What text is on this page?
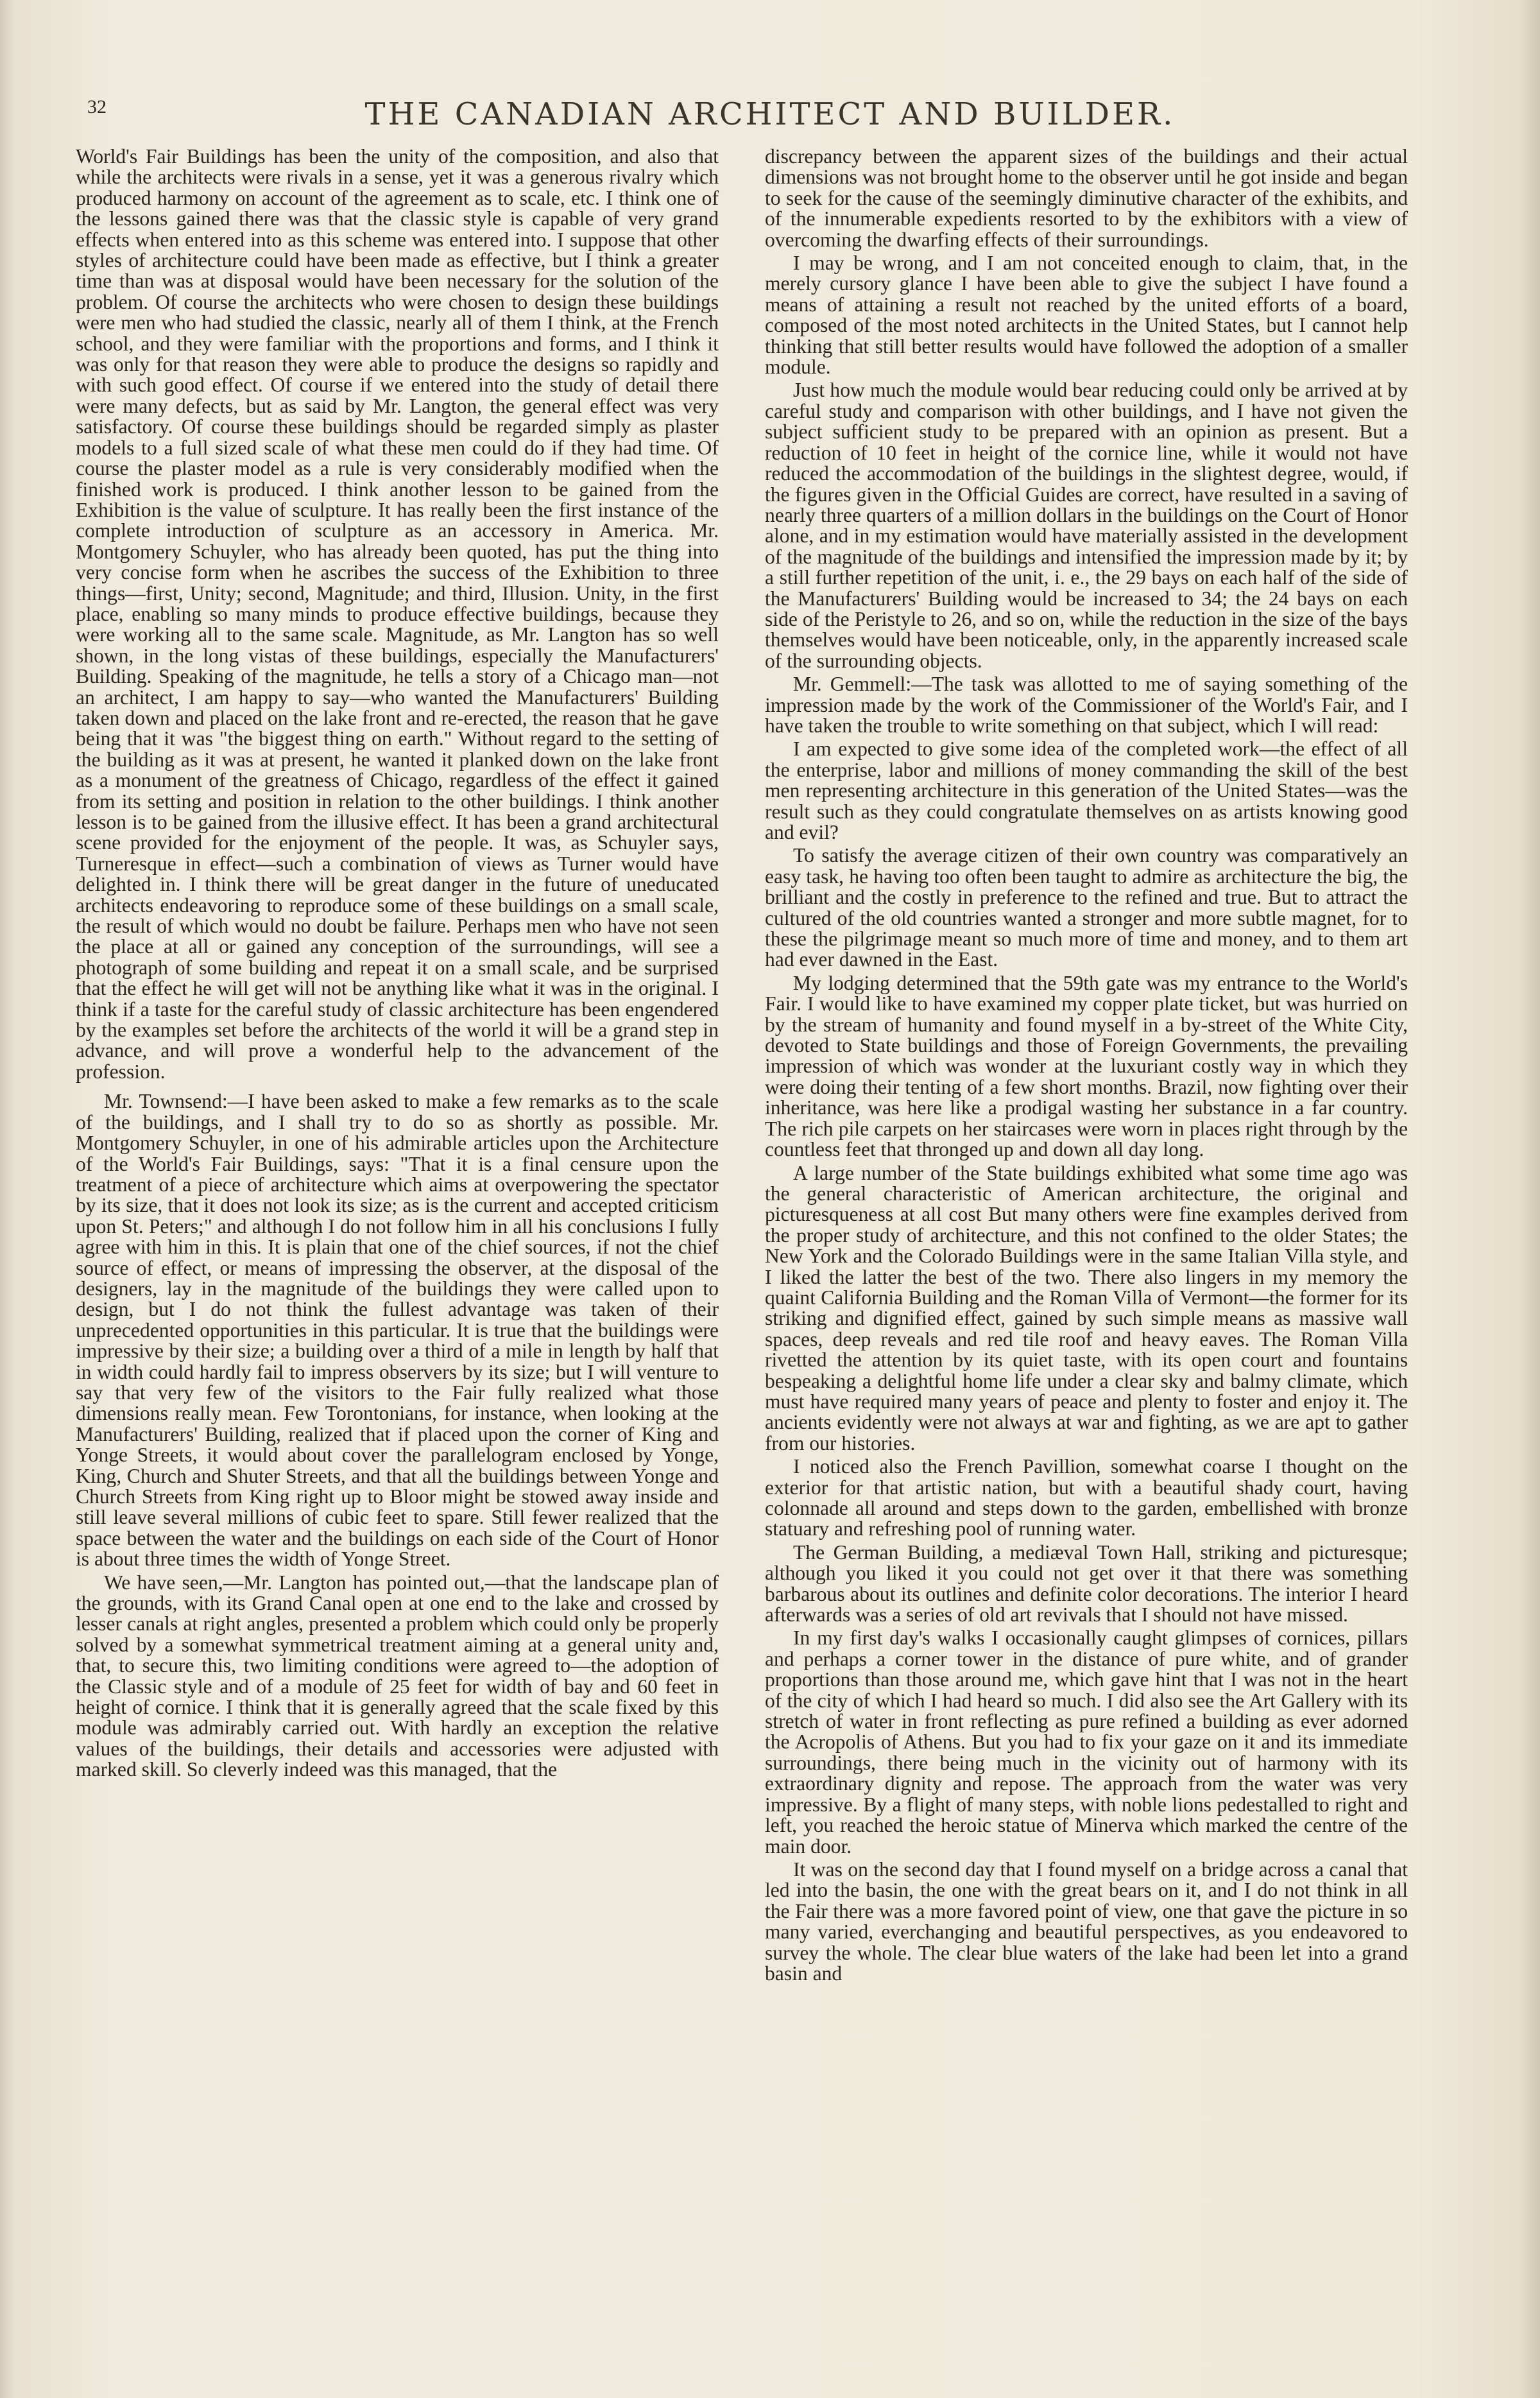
32	THE CANADIAN ARCHITECT AND BUILDER.

World's Fair Buildings has been the unity of the composition, and also that while the architects were rivals in a sense, yet it was a generous rivalry which produced harmony on account of the agreement as to scale, etc. I think one of the lessons gained there was that the classic style is capable of very grand effects when entered into as this scheme was entered into. I suppose that other styles of architecture could have been made as effective, but I think a greater time than was at disposal would have been necessary for the solution of the problem. Of course the architects who were chosen to design these buildings were men who had studied the classic, nearly all of them I think, at the French school, and they were familiar with the proportions and forms, and I think it was only for that reason they were able to produce the designs so rapidly and with such good effect. Of course if we entered into the study of detail there were many defects, but as said by Mr. Langton, the general effect was very satisfactory. Of course these buildings should be regarded simply as plaster models to a full sized scale of what these men could do if they had time. Of course the plaster model as a rule is very considerably modified when the finished work is produced. I think another lesson to be gained from the Exhibition is the value of sculpture. It has really been the first instance of the complete introduction of sculpture as an accessory in America. Mr. Montgomery Schuyler, who has already been quoted, has put the thing into very concise form when he ascribes the success of the Exhibition to three things—first, Unity; second, Magnitude; and third, Illusion. Unity, in the first place, enabling so many minds to produce effective buildings, because they were working all to the same scale. Magnitude, as Mr. Langton has so well shown, in the long vistas of these buildings, especially the Manufacturers' Building. Speaking of the magnitude, he tells a story of a Chicago man—not an architect, I am happy to say—who wanted the Manufacturers' Building taken down and placed on the lake front and re-erected, the reason that he gave being that it was "the biggest thing on earth." Without regard to the setting of the building as it was at present, he wanted it planked down on the lake front as a monument of the greatness of Chicago, regardless of the effect it gained from its setting and position in relation to the other buildings. I think another lesson is to be gained from the illusive effect. It has been a grand architectural scene provided for the enjoyment of the people. It was, as Schuyler says, Turneresque in effect—such a combination of views as Turner would have delighted in. I think there will be great danger in the future of uneducated architects endeavoring to reproduce some of these buildings on a small scale, the result of which would no doubt be failure. Perhaps men who have not seen the place at all or gained any conception of the surroundings, will see a photograph of some building and repeat it on a small scale, and be surprised that the effect he will get will not be anything like what it was in the original. I think if a taste for the careful study of classic architecture has been engendered by the examples set before the architects of the world it will be a grand step in advance, and will prove a wonderful help to the advancement of the profession.

Mr. Townsend:—I have been asked to make a few remarks as to the scale of the buildings, and I shall try to do so as shortly as possible. Mr. Montgomery Schuyler, in one of his admirable articles upon the Architecture of the World's Fair Buildings, says: "That it is a final censure upon the treatment of a piece of architecture which aims at overpowering the spectator by its size, that it does not look its size; as is the current and accepted criticism upon St. Peters;" and although I do not follow him in all his conclusions I fully agree with him in this. It is plain that one of the chief sources, if not the chief source of effect, or means of impressing the observer, at the disposal of the designers, lay in the magnitude of the buildings they were called upon to design, but I do not think the fullest advantage was taken of their unprecedented opportunities in this particular. It is true that the buildings were impressive by their size; a building over a third of a mile in length by half that in width could hardly fail to impress observers by its size; but I will venture to say that very few of the visitors to the Fair fully realized what those dimensions really mean. Few Torontonians, for instance, when looking at the Manufacturers' Building, realized that if placed upon the corner of King and Yonge Streets, it would about cover the parallelogram enclosed by Yonge, King, Church and Shuter Streets, and that all the buildings between Yonge and Church Streets from King right up to Bloor might be stowed away inside and still leave several millions of cubic feet to spare. Still fewer realized that the space between the water and the buildings on each side of the Court of Honor is about three times the width of Yonge Street.

We have seen,—Mr. Langton has pointed out,—that the landscape plan of the grounds, with its Grand Canal open at one end to the lake and crossed by lesser canals at right angles, presented a problem which could only be properly solved by a somewhat symmetrical treatment aiming at a general unity and, that, to secure this, two limiting conditions were agreed to—the adoption of the Classic style and of a module of 25 feet for width of bay and 60 feet in height of cornice. I think that it is generally agreed that the scale fixed by this module was admirably carried out. With hardly an exception the relative values of the buildings, their details and accessories were adjusted with marked skill. So cleverly indeed was this managed, that the

discrepancy between the apparent sizes of the buildings and their actual dimensions was not brought home to the observer until he got inside and began to seek for the cause of the seemingly diminutive character of the exhibits, and of the innumerable expedients resorted to by the exhibitors with a view of overcoming the dwarfing effects of their surroundings.

I may be wrong, and I am not conceited enough to claim, that, in the merely cursory glance I have been able to give the subject I have found a means of attaining a result not reached by the united efforts of a board, composed of the most noted architects in the United States, but I cannot help thinking that still better results would have followed the adoption of a smaller module.

Just how much the module would bear reducing could only be arrived at by careful study and comparison with other buildings, and I have not given the subject sufficient study to be prepared with an opinion as present. But a reduction of 10 feet in height of the cornice line, while it would not have reduced the accommodation of the buildings in the slightest degree, would, if the figures given in the Official Guides are correct, have resulted in a saving of nearly three quarters of a million dollars in the buildings on the Court of Honor alone, and in my estimation would have materially assisted in the development of the magnitude of the buildings and intensified the impression made by it; by a still further repetition of the unit, i. e., the 29 bays on each half of the side of the Manufacturers' Building would be increased to 34; the 24 bays on each side of the Peristyle to 26, and so on, while the reduction in the size of the bays themselves would have been noticeable, only, in the apparently increased scale of the surrounding objects.

Mr. Gemmell:—The task was allotted to me of saying something of the impression made by the work of the Commissioner of the World's Fair, and I have taken the trouble to write something on that subject, which I will read:

I am expected to give some idea of the completed work—the effect of all the enterprise, labor and millions of money commanding the skill of the best men representing architecture in this generation of the United States—was the result such as they could congratulate themselves on as artists knowing good and evil?

To satisfy the average citizen of their own country was comparatively an easy task, he having too often been taught to admire as architecture the big, the brilliant and the costly in preference to the refined and true. But to attract the cultured of the old countries wanted a stronger and more subtle magnet, for to these the pilgrimage meant so much more of time and money, and to them art had ever dawned in the East.

My lodging determined that the 59th gate was my entrance to the World's Fair. I would like to have examined my copper plate ticket, but was hurried on by the stream of humanity and found myself in a by-street of the White City, devoted to State buildings and those of Foreign Governments, the prevailing impression of which was wonder at the luxuriant costly way in which they were doing their tenting of a few short months. Brazil, now fighting over their inheritance, was here like a prodigal wasting her substance in a far country. The rich pile carpets on her staircases were worn in places right through by the countless feet that thronged up and down all day long.

A large number of the State buildings exhibited what some time ago was the general characteristic of American architecture, the original and picturesqueness at all cost But many others were fine examples derived from the proper study of architecture, and this not confined to the older States; the New York and the Colorado Buildings were in the same Italian Villa style, and I liked the latter the best of the two. There also lingers in my memory the quaint California Building and the Roman Villa of Vermont—the former for its striking and dignified effect, gained by such simple means as massive wall spaces, deep reveals and red tile roof and heavy eaves. The Roman Villa rivetted the attention by its quiet taste, with its open court and fountains bespeaking a delightful home life under a clear sky and balmy climate, which must have required many years of peace and plenty to foster and enjoy it. The ancients evidently were not always at war and fighting, as we are apt to gather from our histories.

I noticed also the French Pavillion, somewhat coarse I thought on the exterior for that artistic nation, but with a beautiful shady court, having colonnade all around and steps down to the garden, embellished with bronze statuary and refreshing pool of running water.

The German Building, a mediæval Town Hall, striking and picturesque; although you liked it you could not get over it that there was something barbarous about its outlines and definite color decorations. The interior I heard afterwards was a series of old art revivals that I should not have missed.

In my first day's walks I occasionally caught glimpses of cornices, pillars and perhaps a corner tower in the distance of pure white, and of grander proportions than those around me, which gave hint that I was not in the heart of the city of which I had heard so much. I did also see the Art Gallery with its stretch of water in front reflecting as pure refined a building as ever adorned the Acropolis of Athens. But you had to fix your gaze on it and its immediate surroundings, there being much in the vicinity out of harmony with its extraordinary dignity and repose. The approach from the water was very impressive. By a flight of many steps, with noble lions pedestalled to right and left, you reached the heroic statue of Minerva which marked the centre of the main door.

It was on the second day that I found myself on a bridge across a canal that led into the basin, the one with the great bears on it, and I do not think in all the Fair there was a more favored point of view, one that gave the picture in so many varied, everchanging and beautiful perspectives, as you endeavored to survey the whole. The clear blue waters of the lake had been let into a grand basin and
